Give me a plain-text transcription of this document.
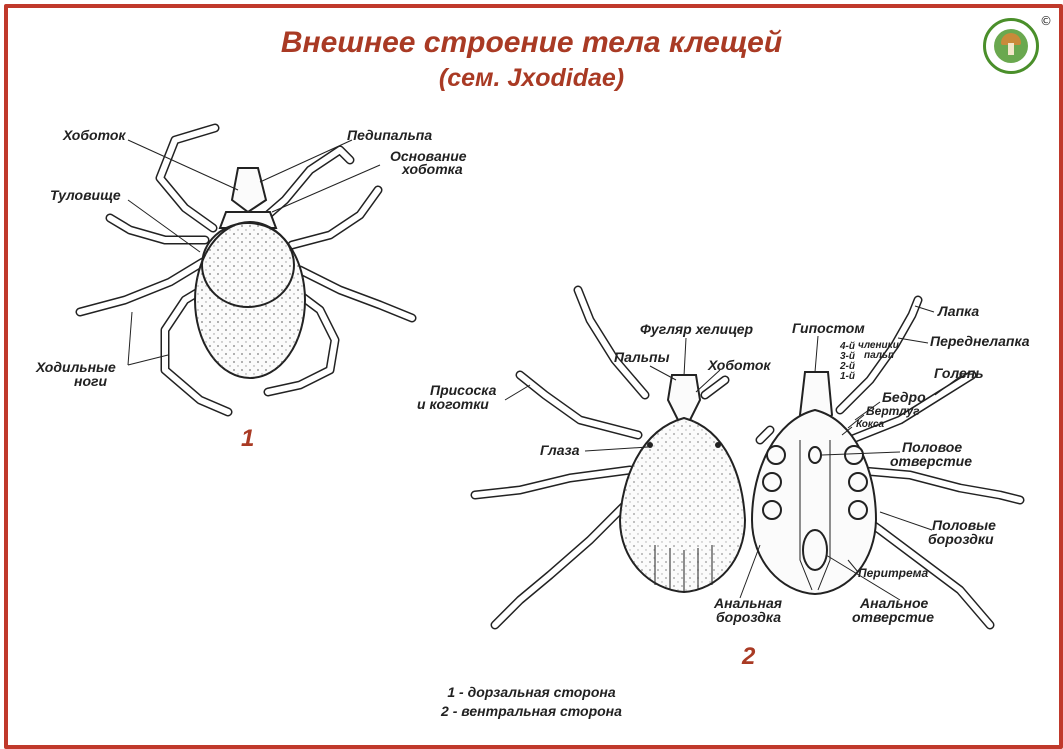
Внешнее строение тела клещей
(сем. Jxodidae)
©
Хоботок	Педипальпа
Основание
хоботка
Туловище
Ходильные
ноги
1
Фугляр хелицер
Пальпы	Хоботок
Присоска
и коготки
Глаза
Гипостом
4-й
3-й
2-й
1-й
членики
пальп
Лапка
Переднелапка
Голень
Бедро
Вертлуг
Кокса
Половое
отверстие
Половые
бороздки
Перитрема
Анальная
бороздка
Анальное
отверстие
2
1 - дорзальная сторона
2 - вентральная сторона
